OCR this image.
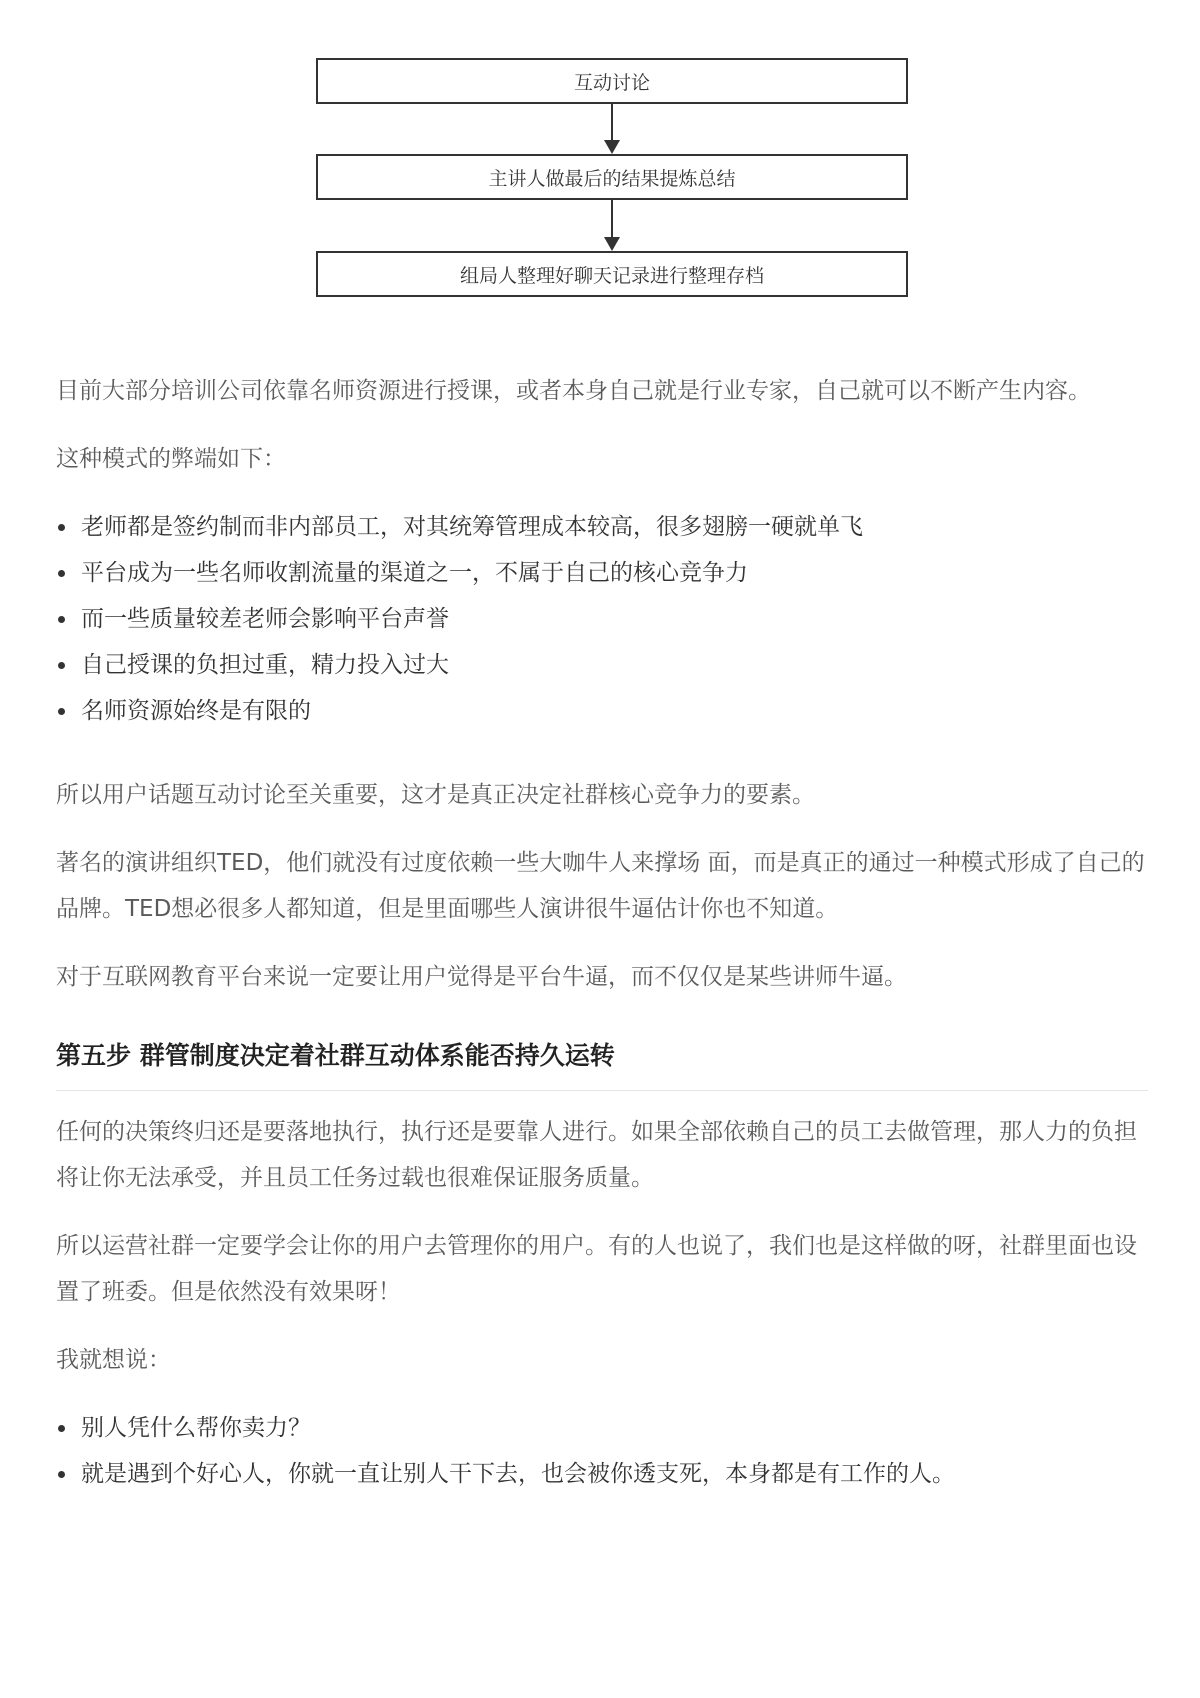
互动讨论
主讲人做最后的结果提炼总结
组局人整理好聊天记录进行整理存档

目前大部分培训公司依靠名师资源进行授课，或者本身自己就是行业专家，自己就可以不断产生内容。

这种模式的弊端如下：

老师都是签约制而非内部员工，对其统筹管理成本较高，很多翅膀一硬就单飞
平台成为一些名师收割流量的渠道之一，不属于自己的核心竞争力
而一些质量较差老师会影响平台声誉
自己授课的负担过重，精力投入过大
名师资源始终是有限的

所以用户话题互动讨论至关重要，这才是真正决定社群核心竞争力的要素。

著名的演讲组织TED，他们就没有过度依赖一些大咖牛人来撑场 面，而是真正的通过一种模式形成了自己的品牌。TED想必很多人都知道，但是里面哪些人演讲很牛逼估计你也不知道。

对于互联网教育平台来说一定要让用户觉得是平台牛逼，而不仅仅是某些讲师牛逼。

第五步 群管制度决定着社群互动体系能否持久运转

任何的决策终归还是要落地执行，执行还是要靠人进行。如果全部依赖自己的员工去做管理，那人力的负担将让你无法承受，并且员工任务过载也很难保证服务质量。

所以运营社群一定要学会让你的用户去管理你的用户。有的人也说了，我们也是这样做的呀，社群里面也设置了班委。但是依然没有效果呀！

我就想说：

别人凭什么帮你卖力？
就是遇到个好心人，你就一直让别人干下去，也会被你透支死，本身都是有工作的人。
